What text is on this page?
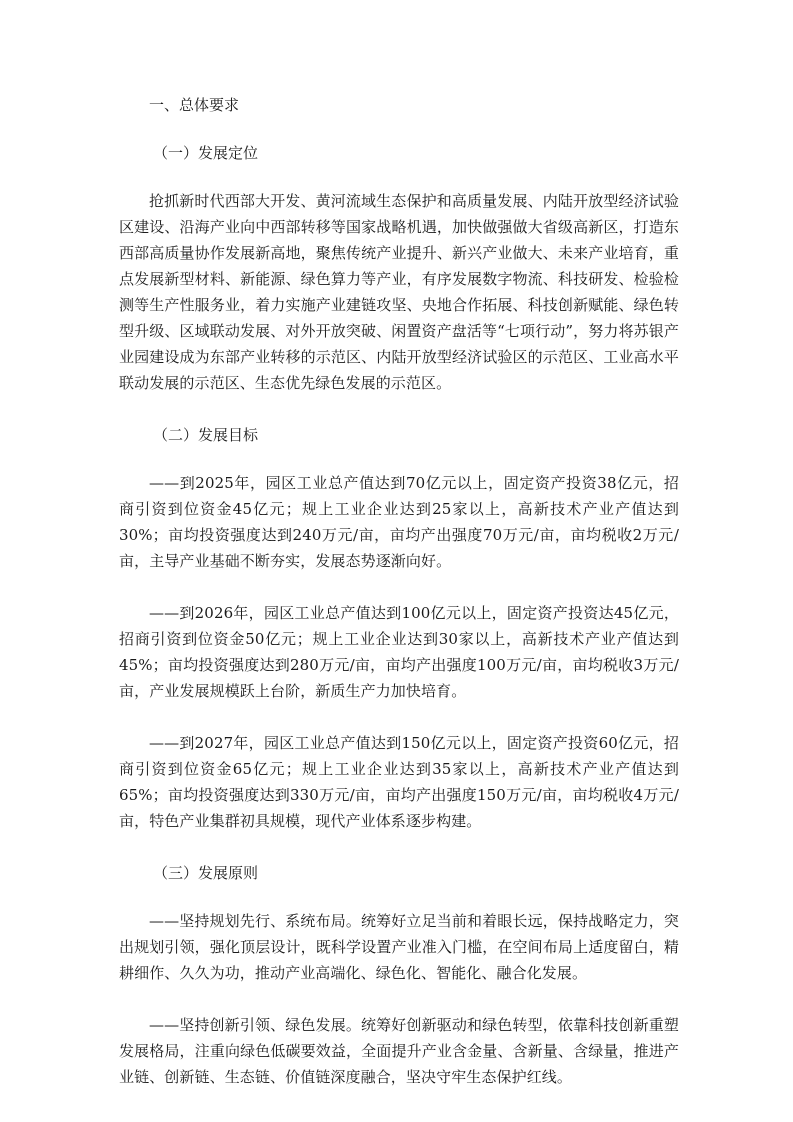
一、总体要求
（一）发展定位

抢抓新时代西部大开发、黄河流域生态保护和高质量发展、内陆开放型经济试验区建设、沿海产业向中西部转移等国家战略机遇，加快做强做大省级高新区，打造东西部高质量协作发展新高地，聚焦传统产业提升、新兴产业做大、未来产业培育，重点发展新型材料、新能源、绿色算力等产业，有序发展数字物流、科技研发、检验检测等生产性服务业，着力实施产业建链攻坚、央地合作拓展、科技创新赋能、绿色转型升级、区域联动发展、对外开放突破、闲置资产盘活等“七项行动”，努力将苏银产业园建设成为东部产业转移的示范区、内陆开放型经济试验区的示范区、工业高水平联动发展的示范区、生态优先绿色发展的示范区。

（二）发展目标

——到2025年，园区工业总产值达到70亿元以上，固定资产投资38亿元，招商引资到位资金45亿元；规上工业企业达到25家以上，高新技术产业产值达到30%；亩均投资强度达到240万元/亩，亩均产出强度70万元/亩，亩均税收2万元/亩，主导产业基础不断夯实，发展态势逐渐向好。

——到2026年，园区工业总产值达到100亿元以上，固定资产投资达45亿元，招商引资到位资金50亿元；规上工业企业达到30家以上，高新技术产业产值达到45%；亩均投资强度达到280万元/亩，亩均产出强度100万元/亩，亩均税收3万元/亩，产业发展规模跃上台阶，新质生产力加快培育。

——到2027年，园区工业总产值达到150亿元以上，固定资产投资60亿元，招商引资到位资金65亿元；规上工业企业达到35家以上，高新技术产业产值达到65%；亩均投资强度达到330万元/亩，亩均产出强度150万元/亩，亩均税收4万元/亩，特色产业集群初具规模，现代产业体系逐步构建。

（三）发展原则

——坚持规划先行、系统布局。统筹好立足当前和着眼长远，保持战略定力，突出规划引领，强化顶层设计，既科学设置产业准入门槛，在空间布局上适度留白，精耕细作、久久为功，推动产业高端化、绿色化、智能化、融合化发展。

——坚持创新引领、绿色发展。统筹好创新驱动和绿色转型，依靠科技创新重塑发展格局，注重向绿色低碳要效益，全面提升产业含金量、含新量、含绿量，推进产业链、创新链、生态链、价值链深度融合，坚决守牢生态保护红线。
